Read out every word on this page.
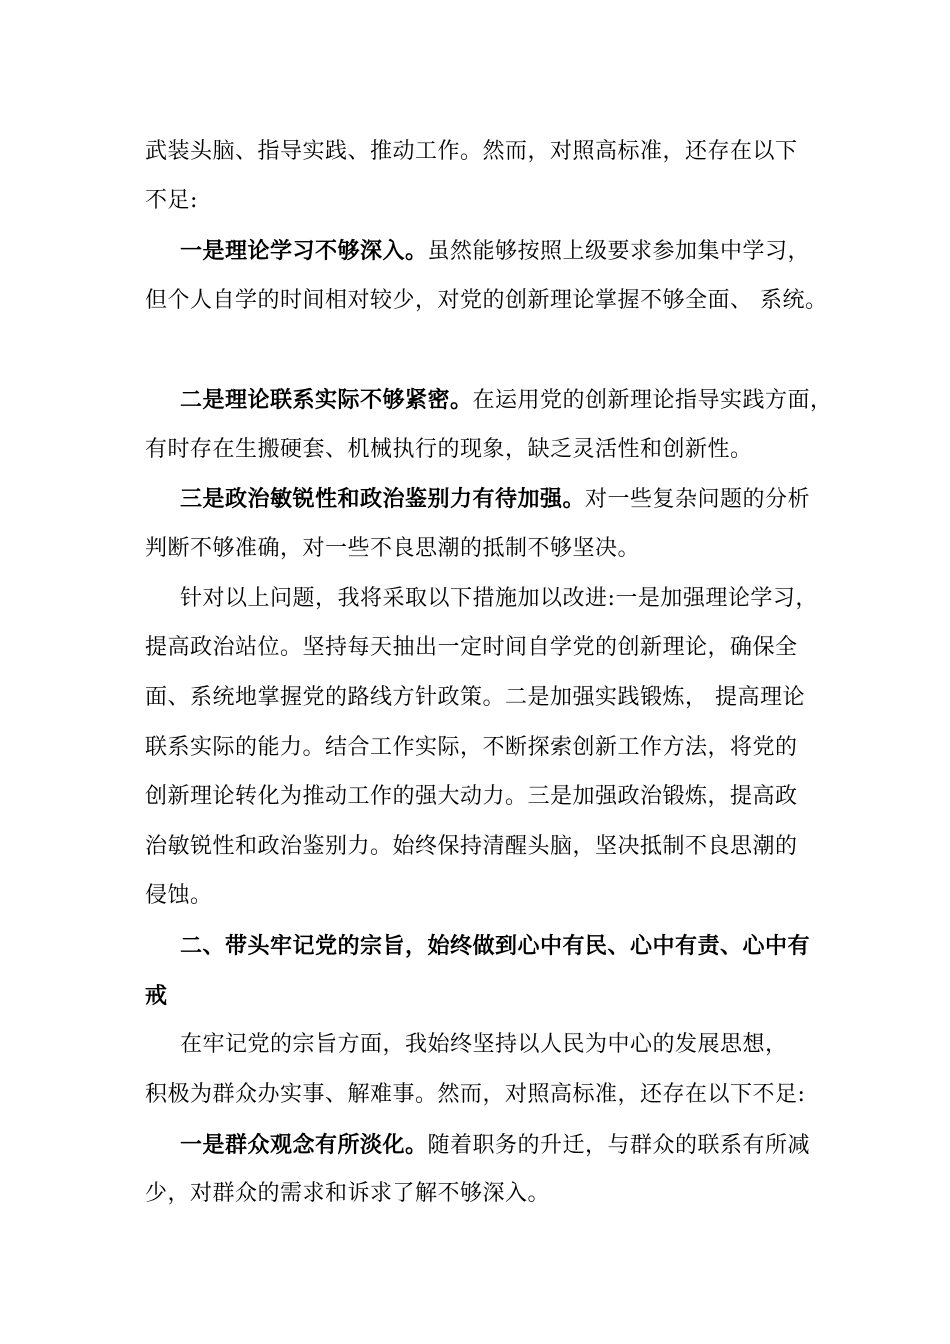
武装头脑、指导实践、推动工作。然而，对照高标准，还存在以下
不足:
一是理论学习不够深入。虽然能够按照上级要求参加集中学习，
但个人自学的时间相对较少，对党的创新理论掌握不够全面、 系统。
二是理论联系实际不够紧密。在运用党的创新理论指导实践方面，
有时存在生搬硬套、机械执行的现象，缺乏灵活性和创新性。
三是政治敏锐性和政治鉴别力有待加强。对一些复杂问题的分析
判断不够准确，对一些不良思潮的抵制不够坚决。
针对以上问题，我将采取以下措施加以改进:一是加强理论学习，
提高政治站位。坚持每天抽出一定时间自学党的创新理论，确保全
面、系统地掌握党的路线方针政策。二是加强实践锻炼， 提高理论
联系实际的能力。结合工作实际，不断探索创新工作方法，将党的
创新理论转化为推动工作的强大动力。三是加强政治锻炼，提高政
治敏锐性和政治鉴别力。始终保持清醒头脑，坚决抵制不良思潮的
侵蚀。
二、带头牢记党的宗旨，始终做到心中有民、心中有责、心中有
戒
在牢记党的宗旨方面，我始终坚持以人民为中心的发展思想，
积极为群众办实事、解难事。然而，对照高标准，还存在以下不足:
一是群众观念有所淡化。随着职务的升迁，与群众的联系有所减
少，对群众的需求和诉求了解不够深入。
